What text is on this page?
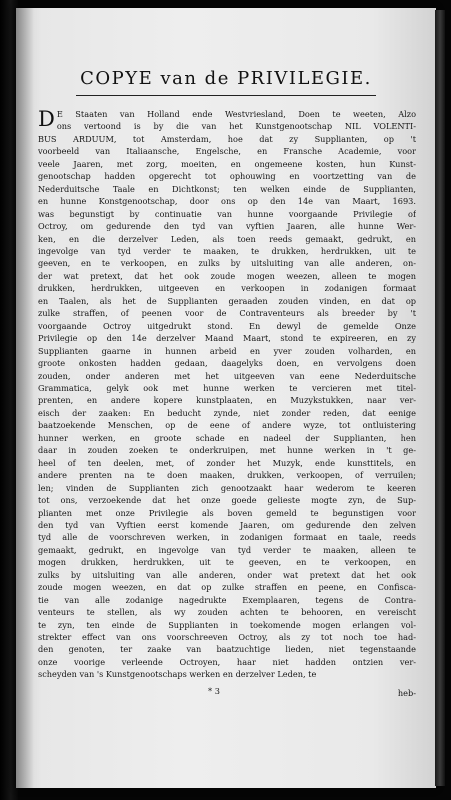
COPYE van de PRIVILEGIE.
D E Staaten van Holland ende Westvriesland, Doen te weeten, Alzo
ons vertoond is by die van het Kunstgenootschap NIL VOLENTI-
BUS ARDUUM, tot Amsterdam, hoe dat zy Supplianten, op 't
voorbeeld van Italiaansche, Engelsche, en Fransche Academie, voor
veele Jaaren, met zorg, moeiten, en ongemeene kosten, hun Kunst-
genootschap hadden opgerecht tot ophouwing en voortzetting van de
Nederduitsche Taale en Dichtkonst; ten welken einde de Supplianten,
en hunne Konstgenootschap, door ons op den 14e van Maart, 1693.
was begunstigt by continuatie van hunne voorgaande Privilegie of
Octroy, om gedurende den tyd van vyftien Jaaren, alle hunne Wer-
ken, en die derzelver Leden, als toen reeds gemaakt, gedrukt, en
ingevolge van tyd verder te maaken, te drukken, herdrukken, uit te
geeven, en te verkoopen, en zulks by uitsluiting van alle anderen, on-
der wat pretext, dat het ook zoude mogen weezen, alleen te mogen
drukken, herdrukken, uitgeeven en verkoopen in zodanigen formaat
en Taalen, als het de Supplianten geraaden zouden vinden, en dat op
zulke straffen, of peenen voor de Contraventeurs als breeder by 't
voorgaande Octroy uitgedrukt stond. En dewyl de gemelde Onze
Privilegie op den 14e derzelver Maand Maart, stond te expireeren, en zy
Supplianten gaarne in hunnen arbeid en yver zouden volharden, en
groote onkosten hadden gedaan, daagelyks doen, en vervolgens doen
zouden, onder anderen met het uitgeeven van eene Nederduitsche
Grammatica, gelyk ook met hunne werken te vercieren met titel-
prenten, en andere kopere kunstplaaten, en Muzykstukken, naar ver-
eisch der zaaken: En beducht zynde, niet zonder reden, dat eenige
baatzoekende Menschen, op de eene of andere wyze, tot ontluistering
hunner werken, en groote schade en nadeel der Supplianten, hen
daar in zouden zoeken te onderkruipen, met hunne werken in 't ge-
heel of ten deelen, met, of zonder het Muzyk, ende kunsttitels, en
andere prenten na te doen maaken, drukken, verkoopen, of verruilen;
len; vinden de Supplianten zich genootzaakt haar wederom te keeren
tot ons, verzoekende dat het onze goede gelieste mogte zyn, de Sup-
plianten met onze Privilegie als boven gemeld te begunstigen voor
den tyd van Vyftien eerst komende Jaaren, om gedurende den zelven
tyd alle de voorschreven werken, in zodanigen formaat en taale, reeds
gemaakt, gedrukt, en ingevolge van tyd verder te maaken, alleen te
mogen drukken, herdrukken, uit te geeven, en te verkoopen, en
zulks by uitsluiting van alle anderen, onder wat pretext dat het ook
zoude mogen weezen, en dat op zulke straffen en peene, en Confisca-
tie van alle zodanige nagedrukte Exemplaaren, tegens de Contra-
venteurs te stellen, als wy zouden achten te behooren, en vereischt
te zyn, ten einde de Supplianten in toekomende mogen erlangen vol-
strekter effect van ons voorschreeven Octroy, als zy tot noch toe had-
den genoten, ter zaake van baatzuchtige lieden, niet tegenstaande
onze voorige verleende Octroyen, haar niet hadden ontzien ver-
scheyden van 's Kunstgenootschaps werken en derzelver Leden, te
* 3	heb-
